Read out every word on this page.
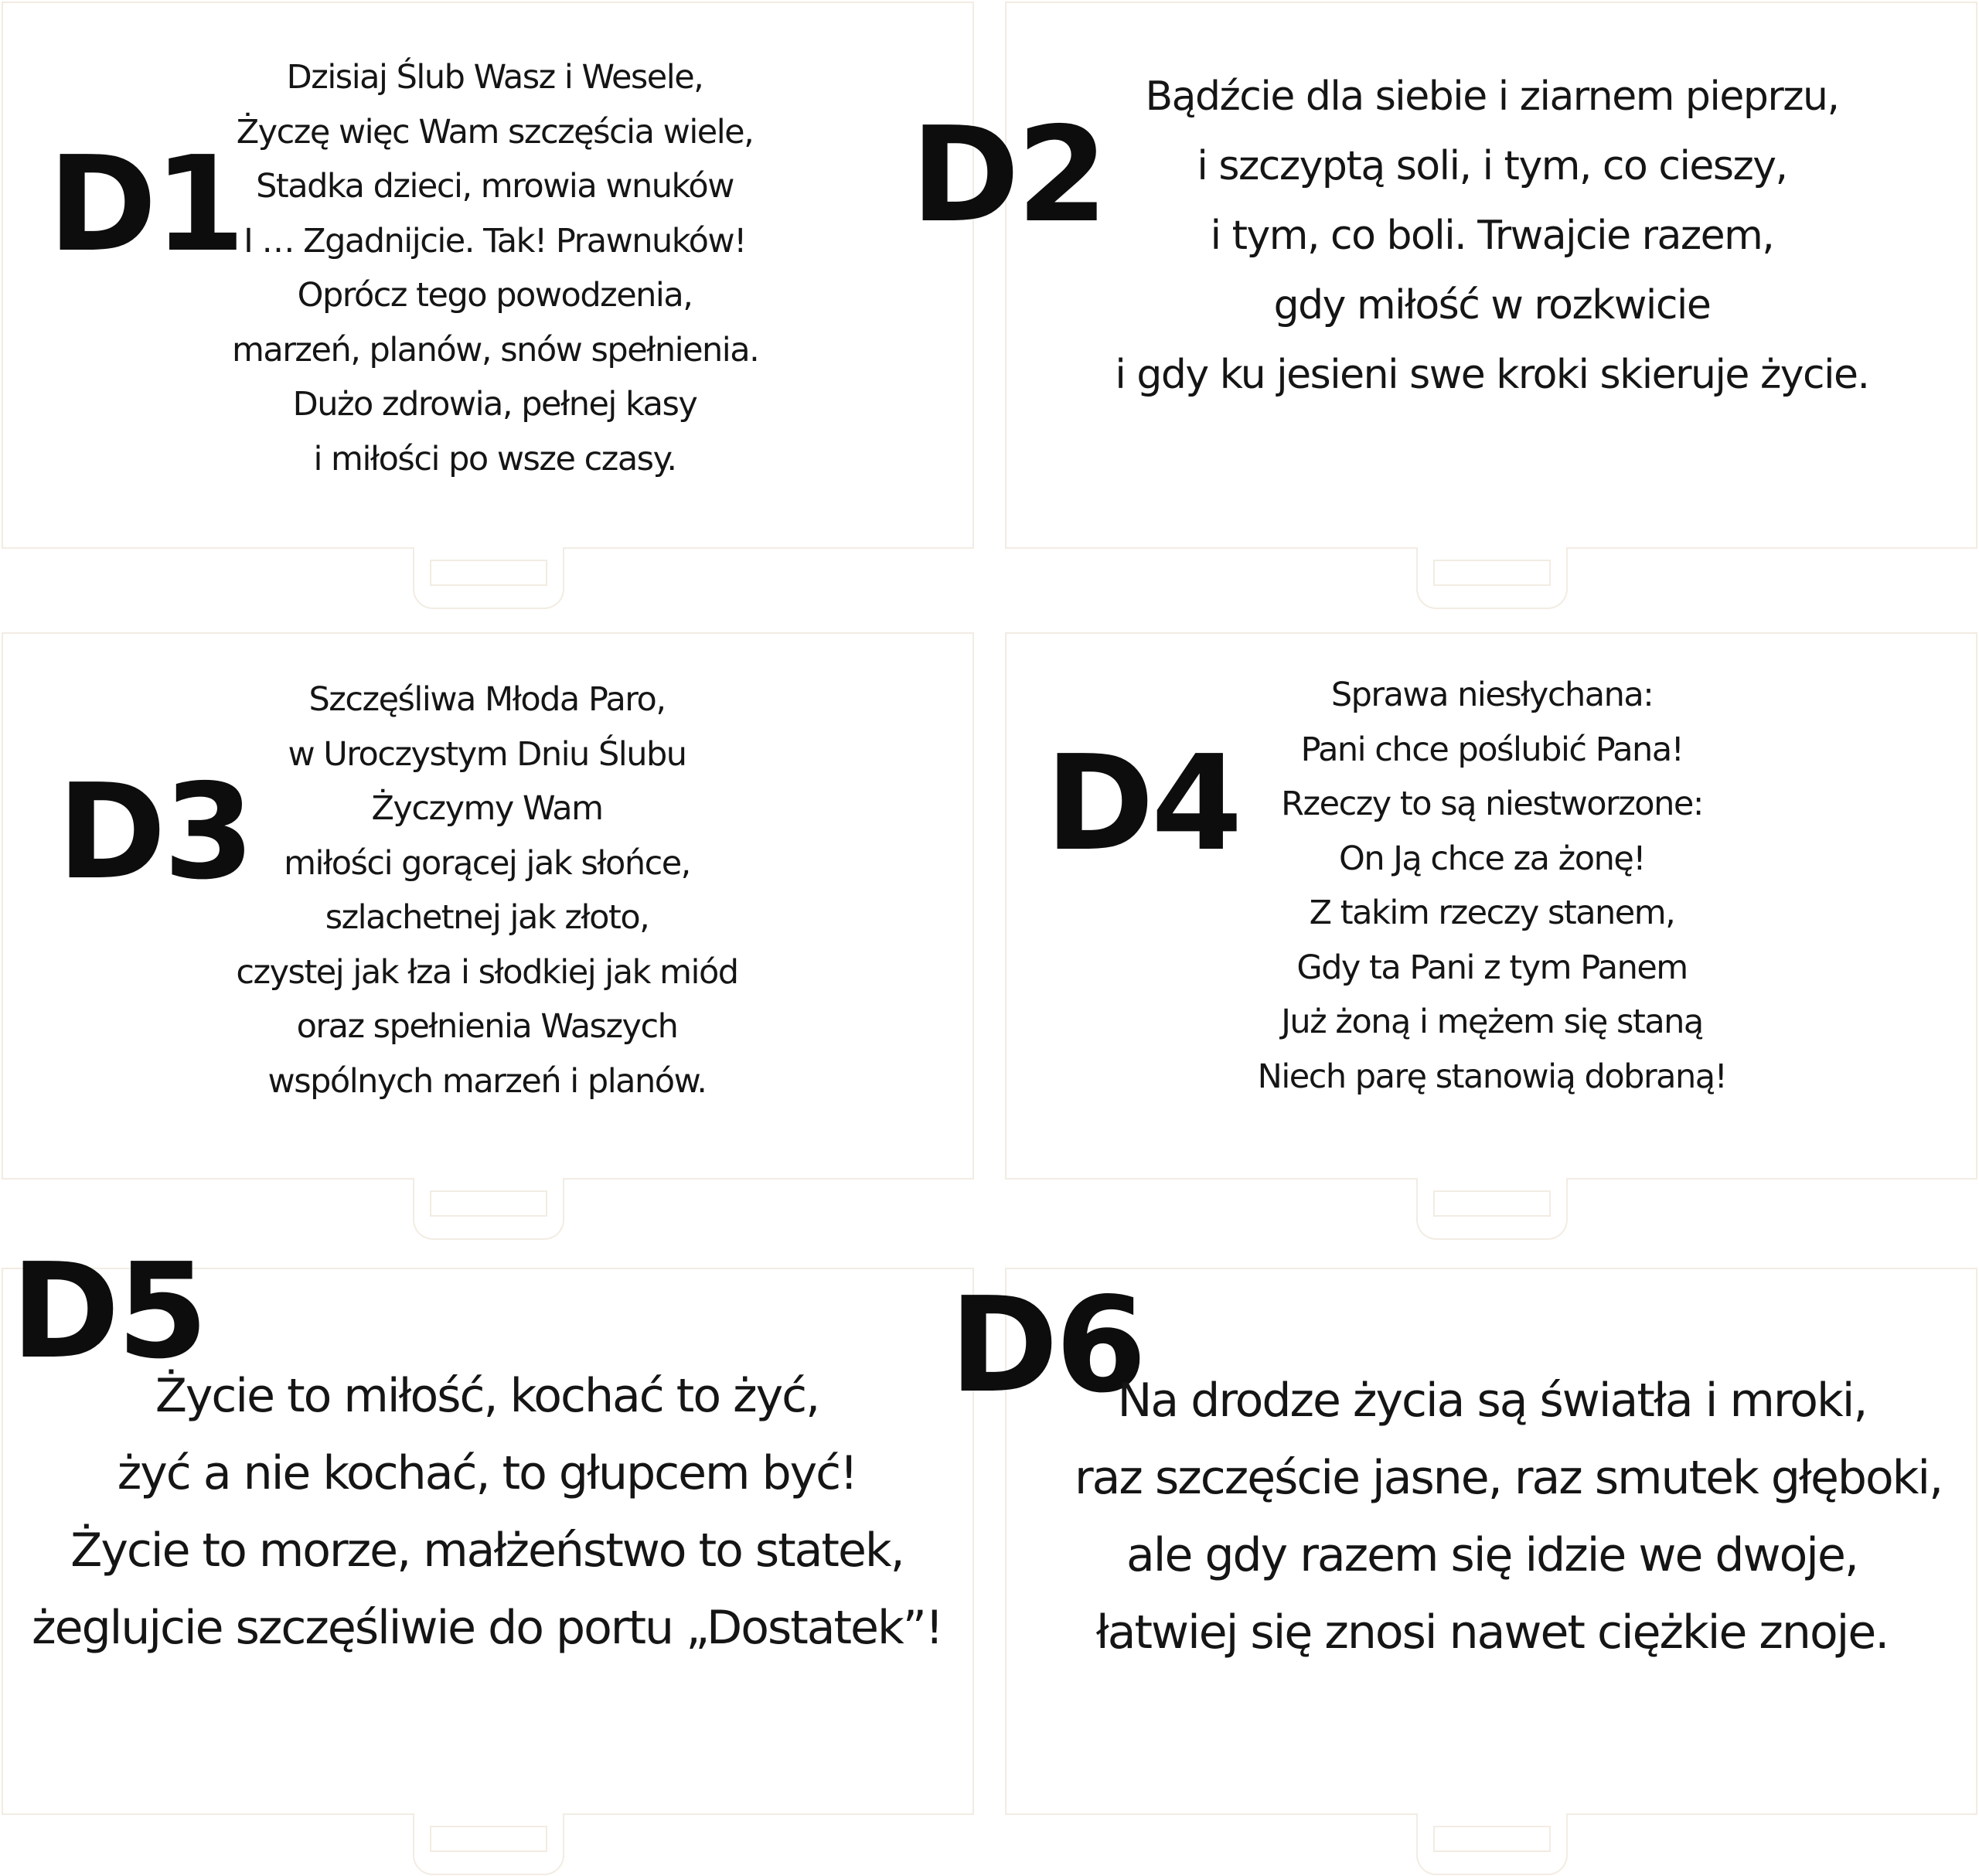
D1
Dzisiaj Ślub Wasz i Wesele,
Życzę więc Wam szczęścia wiele,
Stadka dzieci, mrowia wnuków
I … Zgadnijcie. Tak! Prawnuków!
Oprócz tego powodzenia,
marzeń, planów, snów spełnienia.
Dużo zdrowia, pełnej kasy
i miłości po wsze czasy.
D2
Bądźcie dla siebie i ziarnem pieprzu,
i szczyptą soli, i tym, co cieszy,
i tym, co boli. Trwajcie razem,
gdy miłość w rozkwicie
i gdy ku jesieni swe kroki skieruje życie.
D3
Szczęśliwa Młoda Paro,
w Uroczystym Dniu Ślubu
Życzymy Wam
miłości gorącej jak słońce,
szlachetnej jak złoto,
czystej jak łza i słodkiej jak miód
oraz spełnienia Waszych
wspólnych marzeń i planów.
D4
Sprawa niesłychana:
Pani chce poślubić Pana!
Rzeczy to są niestworzone:
On Ją chce za żonę!
Z takim rzeczy stanem,
Gdy ta Pani z tym Panem
Już żoną i mężem się staną
Niech parę stanowią dobraną!
D5
Życie to miłość, kochać to żyć,
żyć a nie kochać, to głupcem być!
Życie to morze, małżeństwo to statek,
żeglujcie szczęśliwie do portu „Dostatek”!
D6
Na drodze życia są światła i mroki,
raz szczęście jasne, raz smutek głęboki,
ale gdy razem się idzie we dwoje,
łatwiej się znosi nawet ciężkie znoje.
